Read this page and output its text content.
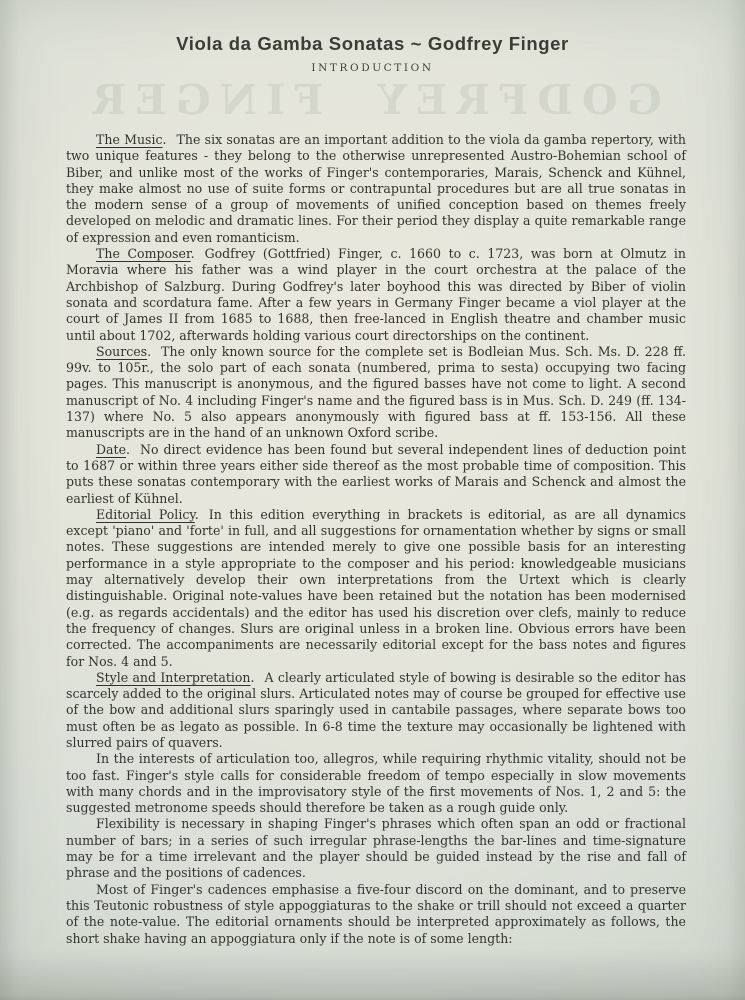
GODFREY FINGER
Viola da Gamba Sonatas ~ Godfrey Finger
INTRODUCTION

The Music. The six sonatas are an important addition to the viola da gamba repertory, with two unique features - they belong to the otherwise unrepresented Austro-Bohemian school of Biber, and unlike most of the works of Finger's contemporaries, Marais, Schenck and Kühnel, they make almost no use of suite forms or contrapuntal procedures but are all true sonatas in the modern sense of a group of movements of unified conception based on themes freely developed on melodic and dramatic lines. For their period they display a quite remarkable range of expression and even romanticism.

The Composer. Godfrey (Gottfried) Finger, c. 1660 to c. 1723, was born at Olmutz in Moravia where his father was a wind player in the court orchestra at the palace of the Archbishop of Salzburg. During Godfrey's later boyhood this was directed by Biber of violin sonata and scordatura fame. After a few years in Germany Finger became a viol player at the court of James II from 1685 to 1688, then free-lanced in English theatre and chamber music until about 1702, afterwards holding various court directorships on the continent.

Sources. The only known source for the complete set is Bodleian Mus. Sch. Ms. D. 228 ff. 99v. to 105r., the solo part of each sonata (numbered, prima to sesta) occupying two facing pages. This manuscript is anonymous, and the figured basses have not come to light. A second manuscript of No. 4 including Finger's name and the figured bass is in Mus. Sch. D. 249 (ff. 134-137) where No. 5 also appears anonymously with figured bass at ff. 153-156. All these manuscripts are in the hand of an unknown Oxford scribe.

Date. No direct evidence has been found but several independent lines of deduction point to 1687 or within three years either side thereof as the most probable time of composition. This puts these sonatas contemporary with the earliest works of Marais and Schenck and almost the earliest of Kühnel.

Editorial Policy. In this edition everything in brackets is editorial, as are all dynamics except 'piano' and 'forte' in full, and all suggestions for ornamentation whether by signs or small notes. These suggestions are intended merely to give one possible basis for an interesting performance in a style appropriate to the composer and his period: knowledgeable musicians may alternatively develop their own interpretations from the Urtext which is clearly distinguishable. Original note-values have been retained but the notation has been modernised (e.g. as regards accidentals) and the editor has used his discretion over clefs, mainly to reduce the frequency of changes. Slurs are original unless in a broken line. Obvious errors have been corrected. The accompaniments are necessarily editorial except for the bass notes and figures for Nos. 4 and 5.

Style and Interpretation. A clearly articulated style of bowing is desirable so the editor has scarcely added to the original slurs. Articulated notes may of course be grouped for effective use of the bow and additional slurs sparingly used in cantabile passages, where separate bows too must often be as legato as possible. In 6-8 time the texture may occasionally be lightened with slurred pairs of quavers.

In the interests of articulation too, allegros, while requiring rhythmic vitality, should not be too fast. Finger's style calls for considerable freedom of tempo especially in slow movements with many chords and in the improvisatory style of the first movements of Nos. 1, 2 and 5: the suggested metronome speeds should therefore be taken as a rough guide only.

Flexibility is necessary in shaping Finger's phrases which often span an odd or fractional number of bars; in a series of such irregular phrase-lengths the bar-lines and time-signature may be for a time irrelevant and the player should be guided instead by the rise and fall of phrase and the positions of cadences.

Most of Finger's cadences emphasise a five-four discord on the dominant, and to preserve this Teutonic robustness of style appoggiaturas to the shake or trill should not exceed a quarter of the note-value. The editorial ornaments should be interpreted approximately as follows, the short shake having an appoggiatura only if the note is of some length:
